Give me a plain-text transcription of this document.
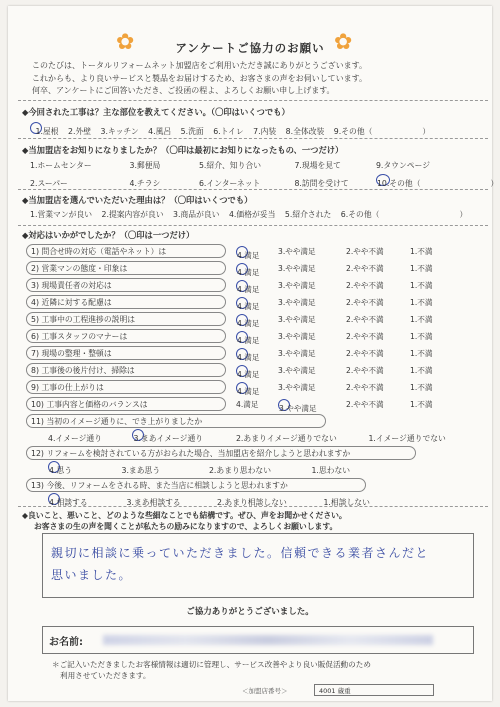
✿	✿
アンケートご協力のお願い
このたびは、トータルリフォームネット加盟店をご利用いただき誠にありがとうございます。
これからも、より良いサービスと製品をお届けするため、お客さまの声をお伺いしています。
何卒、アンケートにご回答いただき、ご投函の程よ、よろしくお願い申し上げます。
◆今回された工事は？主な部位を教えてください。（〇印はいくつでも）
1.屋根 2.外壁 3.キッチン 4.風呂 5.洗面 6.トイレ 7.内装 8.全体改装 9.その他（	）
◆当加盟店をお知りになりましたか？（〇印は最初にお知りになったもの、一つだけ）
1.ホームセンター	3.郵便局	5.紹介、知り合い	7.現場を見て	9.タウンページ
2.スーパー	4.チラシ	6.インターネット	8.訪問を受けて	10.その他（	）
◆当加盟店を選んでいただいた理由は？（〇印はいくつでも）
1.営業マンが良い 2.提案内容が良い 3.商品が良い 4.価格が妥当 5.紹介された 6.その他（	）
◆対応はいかがでしたか？（〇印は一つだけ）
1) 問合せ時の対応（電話やネット）は	4.満足 3.やや満足	2.やや不満	1.不満
2) 営業マンの態度・印象は	4.満足 3.やや満足	2.やや不満	1.不満
3) 現場責任者の対応は	4.満足 3.やや満足	2.やや不満	1.不満
4) 近隣に対する配慮は	4.満足 3.やや満足	2.やや不満	1.不満
5) 工事中の工程進捗の説明は	4.満足 3.やや満足	2.やや不満	1.不満
6) 工事スタッフのマナーは	4.満足 3.やや満足	2.やや不満	1.不満
7) 現場の整理・整頓は	4.満足 3.やや満足	2.やや不満	1.不満
8) 工事後の後片付け、掃除は	4.満足 3.やや満足	2.やや不満	1.不満
9) 工事の仕上がりは	4.満足 3.やや満足	2.やや不満	1.不満
10) 工事内容と価格のバランスは	4.満足	3.やや満足	2.やや不満	1.不満
11) 当初のイメージ通りに、でき上がりましたか
4.イメージ通り	3.まあイメージ通り	2.あまりイメージ通りでない	1.イメージ通りでない
12) リフォームを検討されている方がおられた場合、当加盟店を紹介しようと思われますか
4.思う	3.まあ思う	2.あまり思わない	1.思わない
13) 今後、リフォームをされる時、また当店に相談しようと思われますか
4.相談する	3.まあ相談する	2.あまり相談しない	1.相談しない
◆良いこと、悪いこと、どのような些細なことでも結構です。ぜひ、声をお聞かせください。
お客さまの生の声を聞くことが私たちの励みになりますので、よろしくお願いします。
親切に相談に乗っていただきました。信頼できる業者さんだと
思いました。
ご協力ありがとうございました。
お名前:
＊ご記入いただきましたお客様情報は適切に管理し、サービス改善やより良い販促活動のため
利用させていただきます。
＜加盟店番号＞	4001 蔵重
